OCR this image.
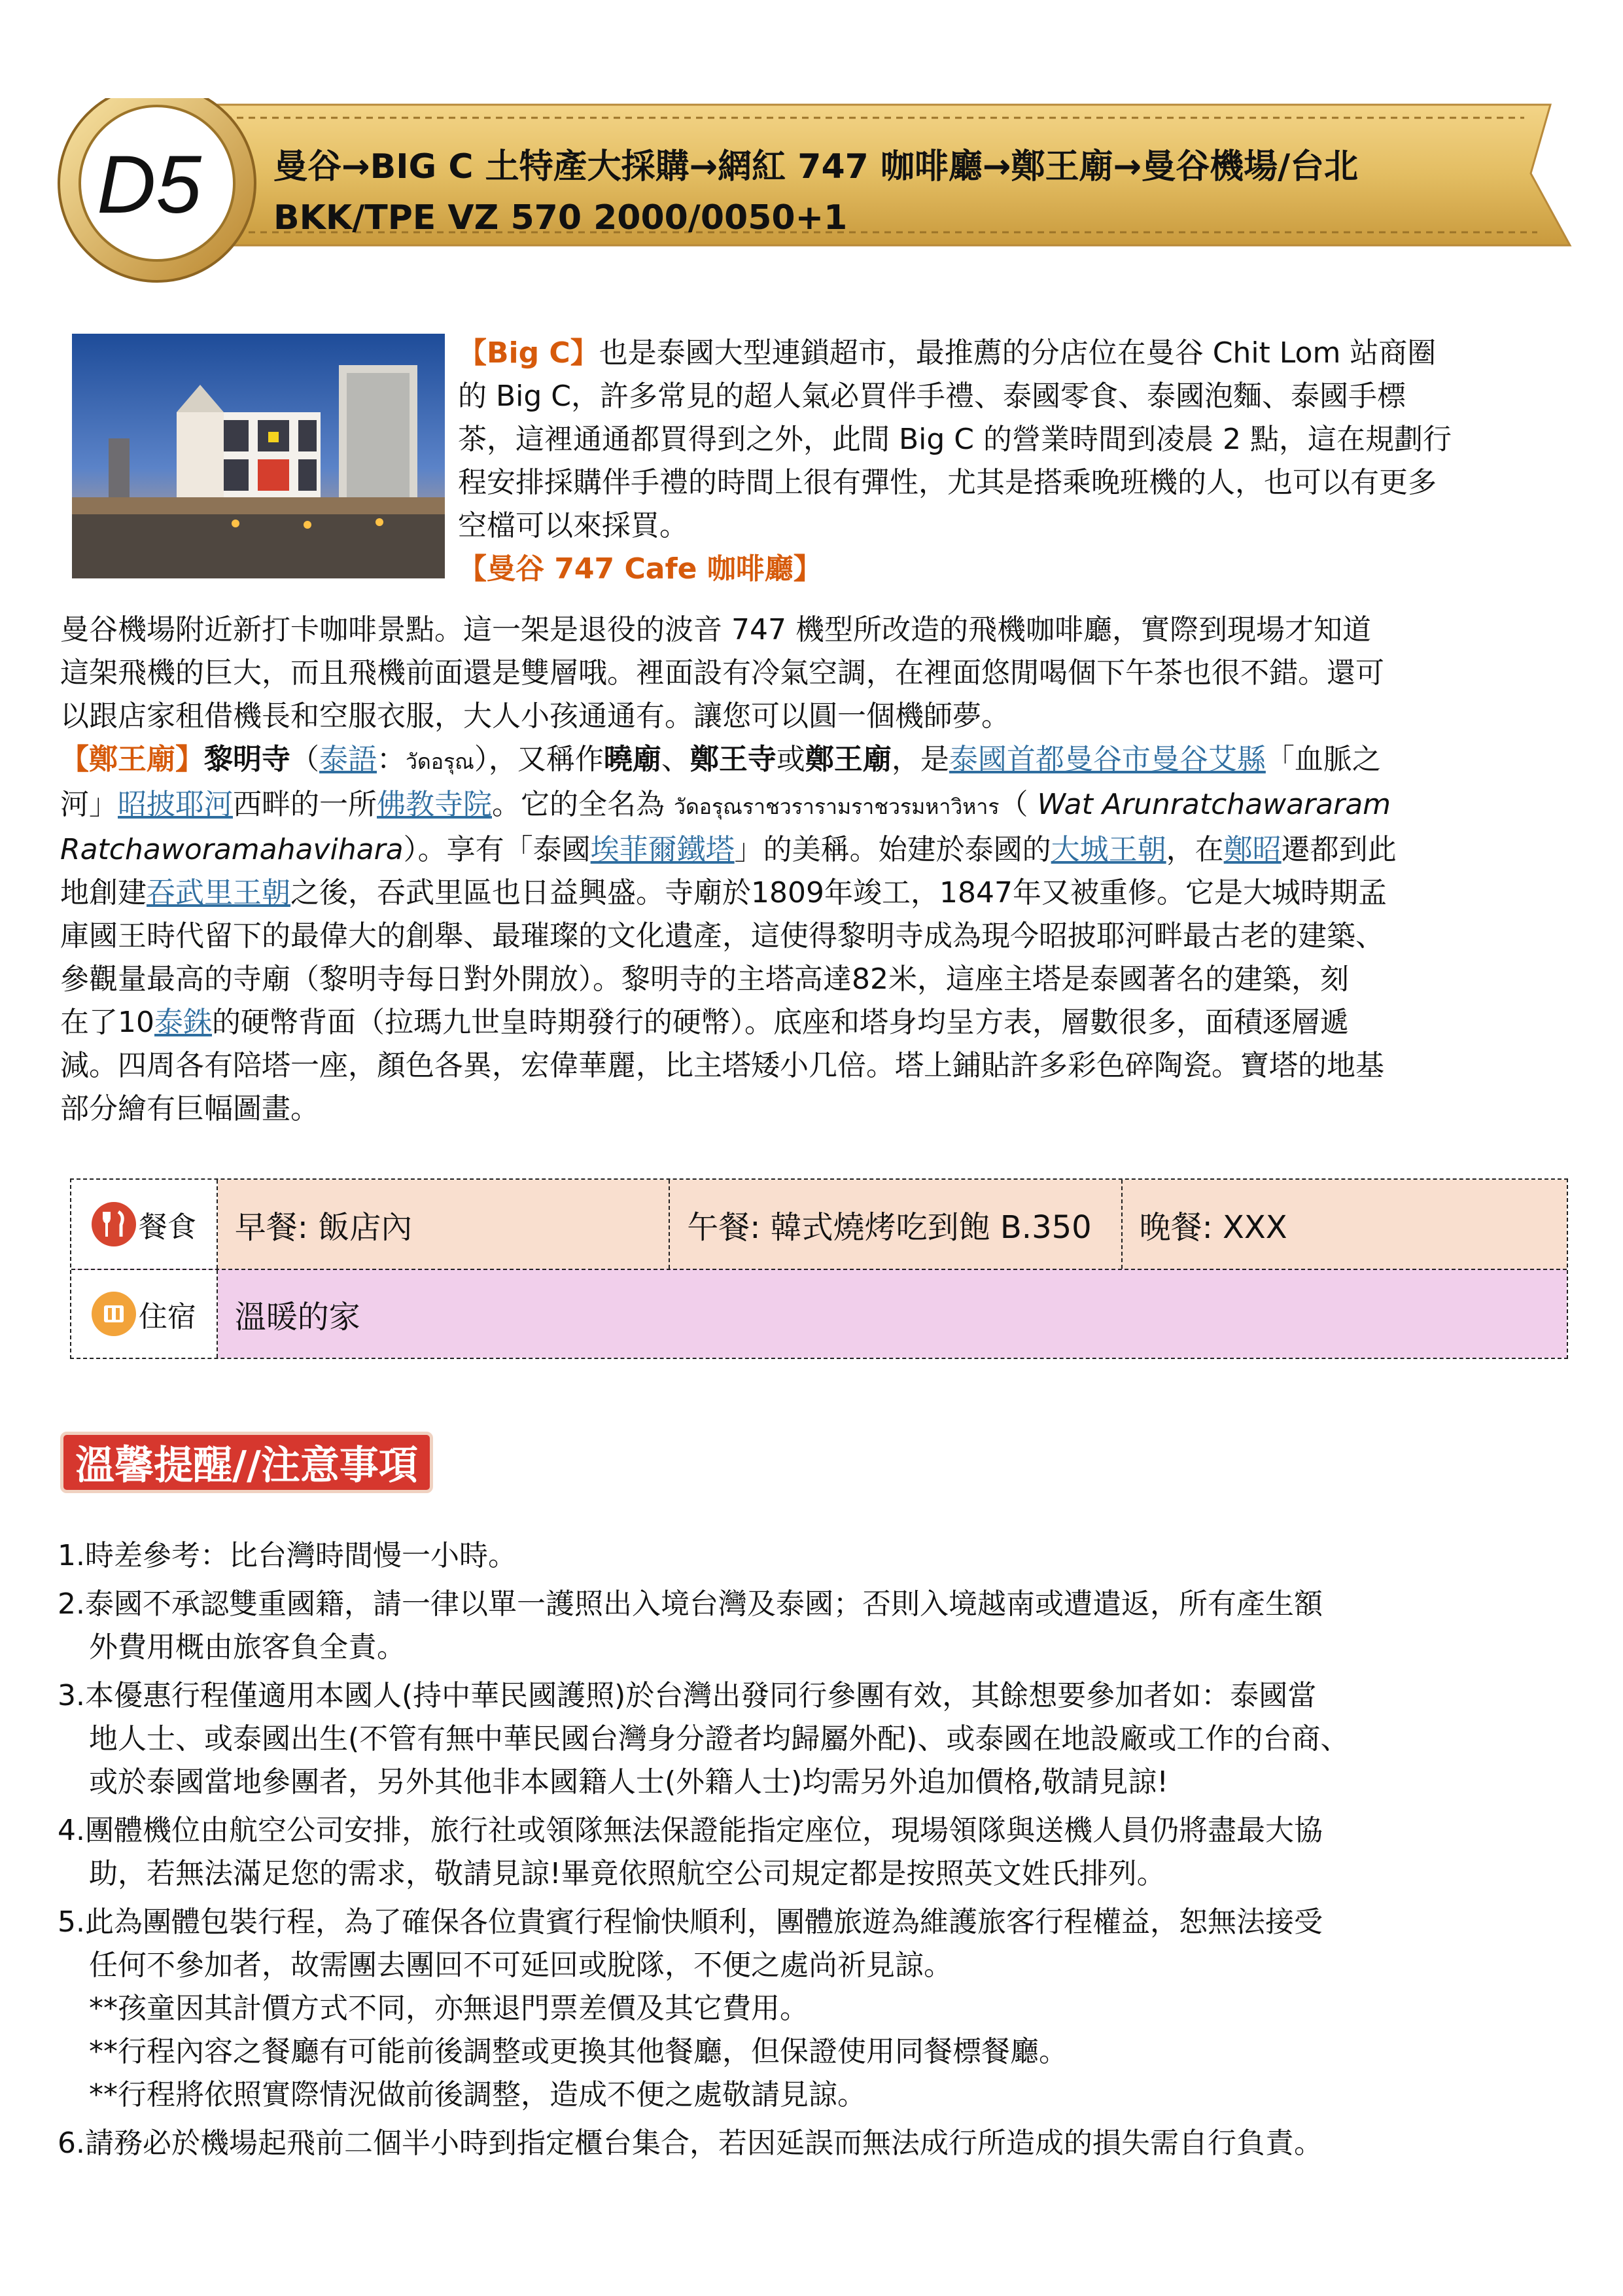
D5 曼谷→BIG C 土特產大採購→網紅 747 咖啡廳→鄭王廟→曼谷機場/台北
BKK/TPE VZ 570 2000/0050+1
【Big C】也是泰國大型連鎖超市，最推薦的分店位在曼谷 Chit Lom 站商圈
的 Big C，許多常見的超人氣必買伴手禮、泰國零食、泰國泡麵、泰國手標
茶，這裡通通都買得到之外，此間 Big C 的營業時間到凌晨 2 點，這在規劃行
程安排採購伴手禮的時間上很有彈性，尤其是搭乘晚班機的人，也可以有更多
空檔可以來採買。
【曼谷 747 Cafe 咖啡廳】
曼谷機場附近新打卡咖啡景點。這一架是退役的波音 747 機型所改造的飛機咖啡廳，實際到現場才知道
這架飛機的巨大，而且飛機前面還是雙層哦。裡面設有冷氣空調，在裡面悠閒喝個下午茶也很不錯。還可
以跟店家租借機長和空服衣服，大人小孩通通有。讓您可以圓一個機師夢。
【鄭王廟】黎明寺（泰語：วัดอรุณ），又稱作曉廟、鄭王寺或鄭王廟，是泰國首都曼谷市曼谷艾縣「血脈之
河」昭披耶河西畔的一所佛教寺院。它的全名為 วัดอรุณราชวรารามราชวรมหาวิหาร（ Wat Arunratchawararam
Ratchaworamahavihara）。享有「泰國埃菲爾鐵塔」的美稱。始建於泰國的大城王朝，在鄭昭遷都到此
地創建吞武里王朝之後，吞武里區也日益興盛。寺廟於1809年竣工，1847年又被重修。它是大城時期孟
庫國王時代留下的最偉大的創舉、最璀璨的文化遺產，這使得黎明寺成為現今昭披耶河畔最古老的建築、
參觀量最高的寺廟（黎明寺每日對外開放）。黎明寺的主塔高達82米，這座主塔是泰國著名的建築，刻
在了10泰銖的硬幣背面（拉瑪九世皇時期發行的硬幣）。底座和塔身均呈方表，層數很多，面積逐層遞
減。四周各有陪塔一座，顏色各異，宏偉華麗，比主塔矮小几倍。塔上鋪貼許多彩色碎陶瓷。寶塔的地基
部分繪有巨幅圖畫。
餐食	早餐: 飯店內	午餐: 韓式燒烤吃到飽 B.350	晚餐: XXX
住宿	溫暖的家
溫馨提醒//注意事項
1.時差參考：比台灣時間慢一小時。
2.泰國不承認雙重國籍，請一律以單一護照出入境台灣及泰國；否則入境越南或遭遣返，所有產生額
外費用概由旅客負全責。
3.本優惠行程僅適用本國人(持中華民國護照)於台灣出發同行參團有效，其餘想要參加者如：泰國當
地人士、或泰國出生(不管有無中華民國台灣身分證者均歸屬外配)、或泰國在地設廠或工作的台商、
或於泰國當地參團者，另外其他非本國籍人士(外籍人士)均需另外追加價格,敬請見諒!
4.團體機位由航空公司安排，旅行社或領隊無法保證能指定座位，現場領隊與送機人員仍將盡最大協
助，若無法滿足您的需求，敬請見諒!畢竟依照航空公司規定都是按照英文姓氏排列。
5.此為團體包裝行程，為了確保各位貴賓行程愉快順利，團體旅遊為維護旅客行程權益，恕無法接受
任何不參加者，故需團去團回不可延回或脫隊，不便之處尚祈見諒。
**孩童因其計價方式不同，亦無退門票差價及其它費用。
**行程內容之餐廳有可能前後調整或更換其他餐廳，但保證使用同餐標餐廳。
**行程將依照實際情況做前後調整，造成不便之處敬請見諒。
6.請務必於機場起飛前二個半小時到指定櫃台集合，若因延誤而無法成行所造成的損失需自行負責。
